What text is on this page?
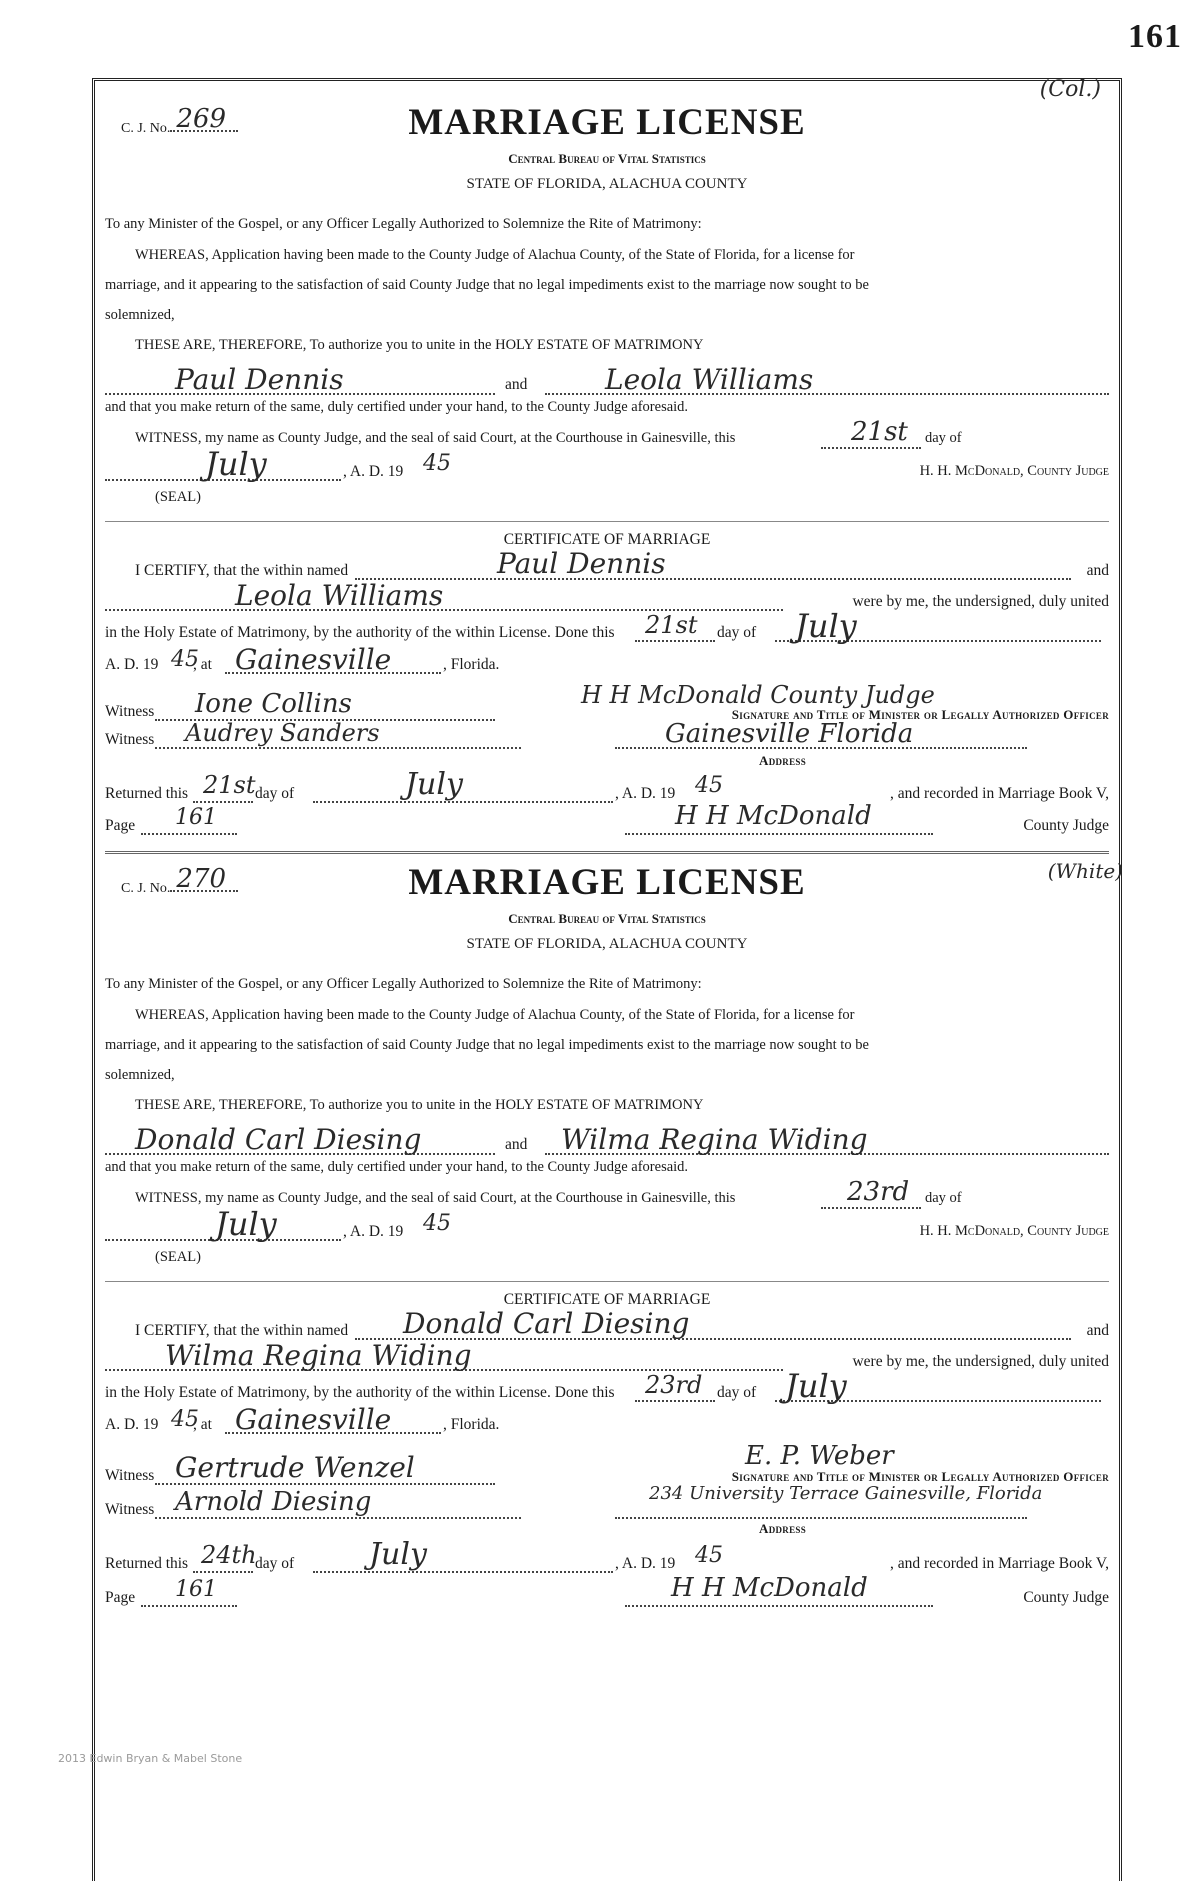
161
(Col.)
C. J. No. 269	MARRIAGE LICENSE
Central Bureau of Vital Statistics
STATE OF FLORIDA, ALACHUA COUNTY
To any Minister of the Gospel, or any Officer Legally Authorized to Solemnize the Rite of Matrimony:
WHEREAS, Application having been made to the County Judge of Alachua County, of the State of Florida, for a license for
marriage, and it appearing to the satisfaction of said County Judge that no legal impediments exist to the marriage now sought to be
solemnized,
THESE ARE, THEREFORE, To authorize you to unite in the HOLY ESTATE OF MATRIMONY
Paul Dennis	and	Leola Williams
and that you make return of the same, duly certified under your hand, to the County Judge aforesaid.
WITNESS, my name as County Judge, and the seal of said Court, at the Courthouse in Gainesville, this	21st day of
July	, A. D. 19 45	H. H. McDonald, County Judge
(SEAL)
CERTIFICATE OF MARRIAGE
I CERTIFY, that the within named	Paul Dennis	and
Leola Williams	were by me, the undersigned, duly united
in the Holy Estate of Matrimony, by the authority of the within License. Done this 21st day of July
A. D. 19 45
, at Gainesville	, Florida.
Witness Ione Collins	H H McDonald County Judge
Signature and Title of Minister or Legally Authorized Officer
Witness Audrey Sanders	Gainesville Florida
Address
Returned this 21st day of	July	, A. D. 19 45	, and recorded in Marriage Book V,
Page 161	H H McDonald	County Judge
(White)
C. J. No. 270	MARRIAGE LICENSE
Central Bureau of Vital Statistics
STATE OF FLORIDA, ALACHUA COUNTY
To any Minister of the Gospel, or any Officer Legally Authorized to Solemnize the Rite of Matrimony:
WHEREAS, Application having been made to the County Judge of Alachua County, of the State of Florida, for a license for
marriage, and it appearing to the satisfaction of said County Judge that no legal impediments exist to the marriage now sought to be
solemnized,
THESE ARE, THEREFORE, To authorize you to unite in the HOLY ESTATE OF MATRIMONY
Donald Carl Diesing	and Wilma Regina Widing
and that you make return of the same, duly certified under your hand, to the County Judge aforesaid.
WITNESS, my name as County Judge, and the seal of said Court, at the Courthouse in Gainesville, this	23rd day of
July	, A. D. 19 45	H. H. McDonald, County Judge
(SEAL)
CERTIFICATE OF MARRIAGE
I CERTIFY, that the within named Donald Carl Diesing	and
Wilma Regina Widing	were by me, the undersigned, duly united
in the Holy Estate of Matrimony, by the authority of the within License. Done this 23rd day of July
A. D. 19 45
, at Gainesville	, Florida.
Witness Gertrude Wenzel	E. P. Weber
Signature and Title of Minister or Legally Authorized Officer
Witness Arnold Diesing	234 University Terrace Gainesville, Florida
Address
Returned this 24th
day of July	, A. D. 19 45	, and recorded in Marriage Book V,
Page 161	H H McDonald	County Judge
2013 Edwin Bryan & Mabel Stone
